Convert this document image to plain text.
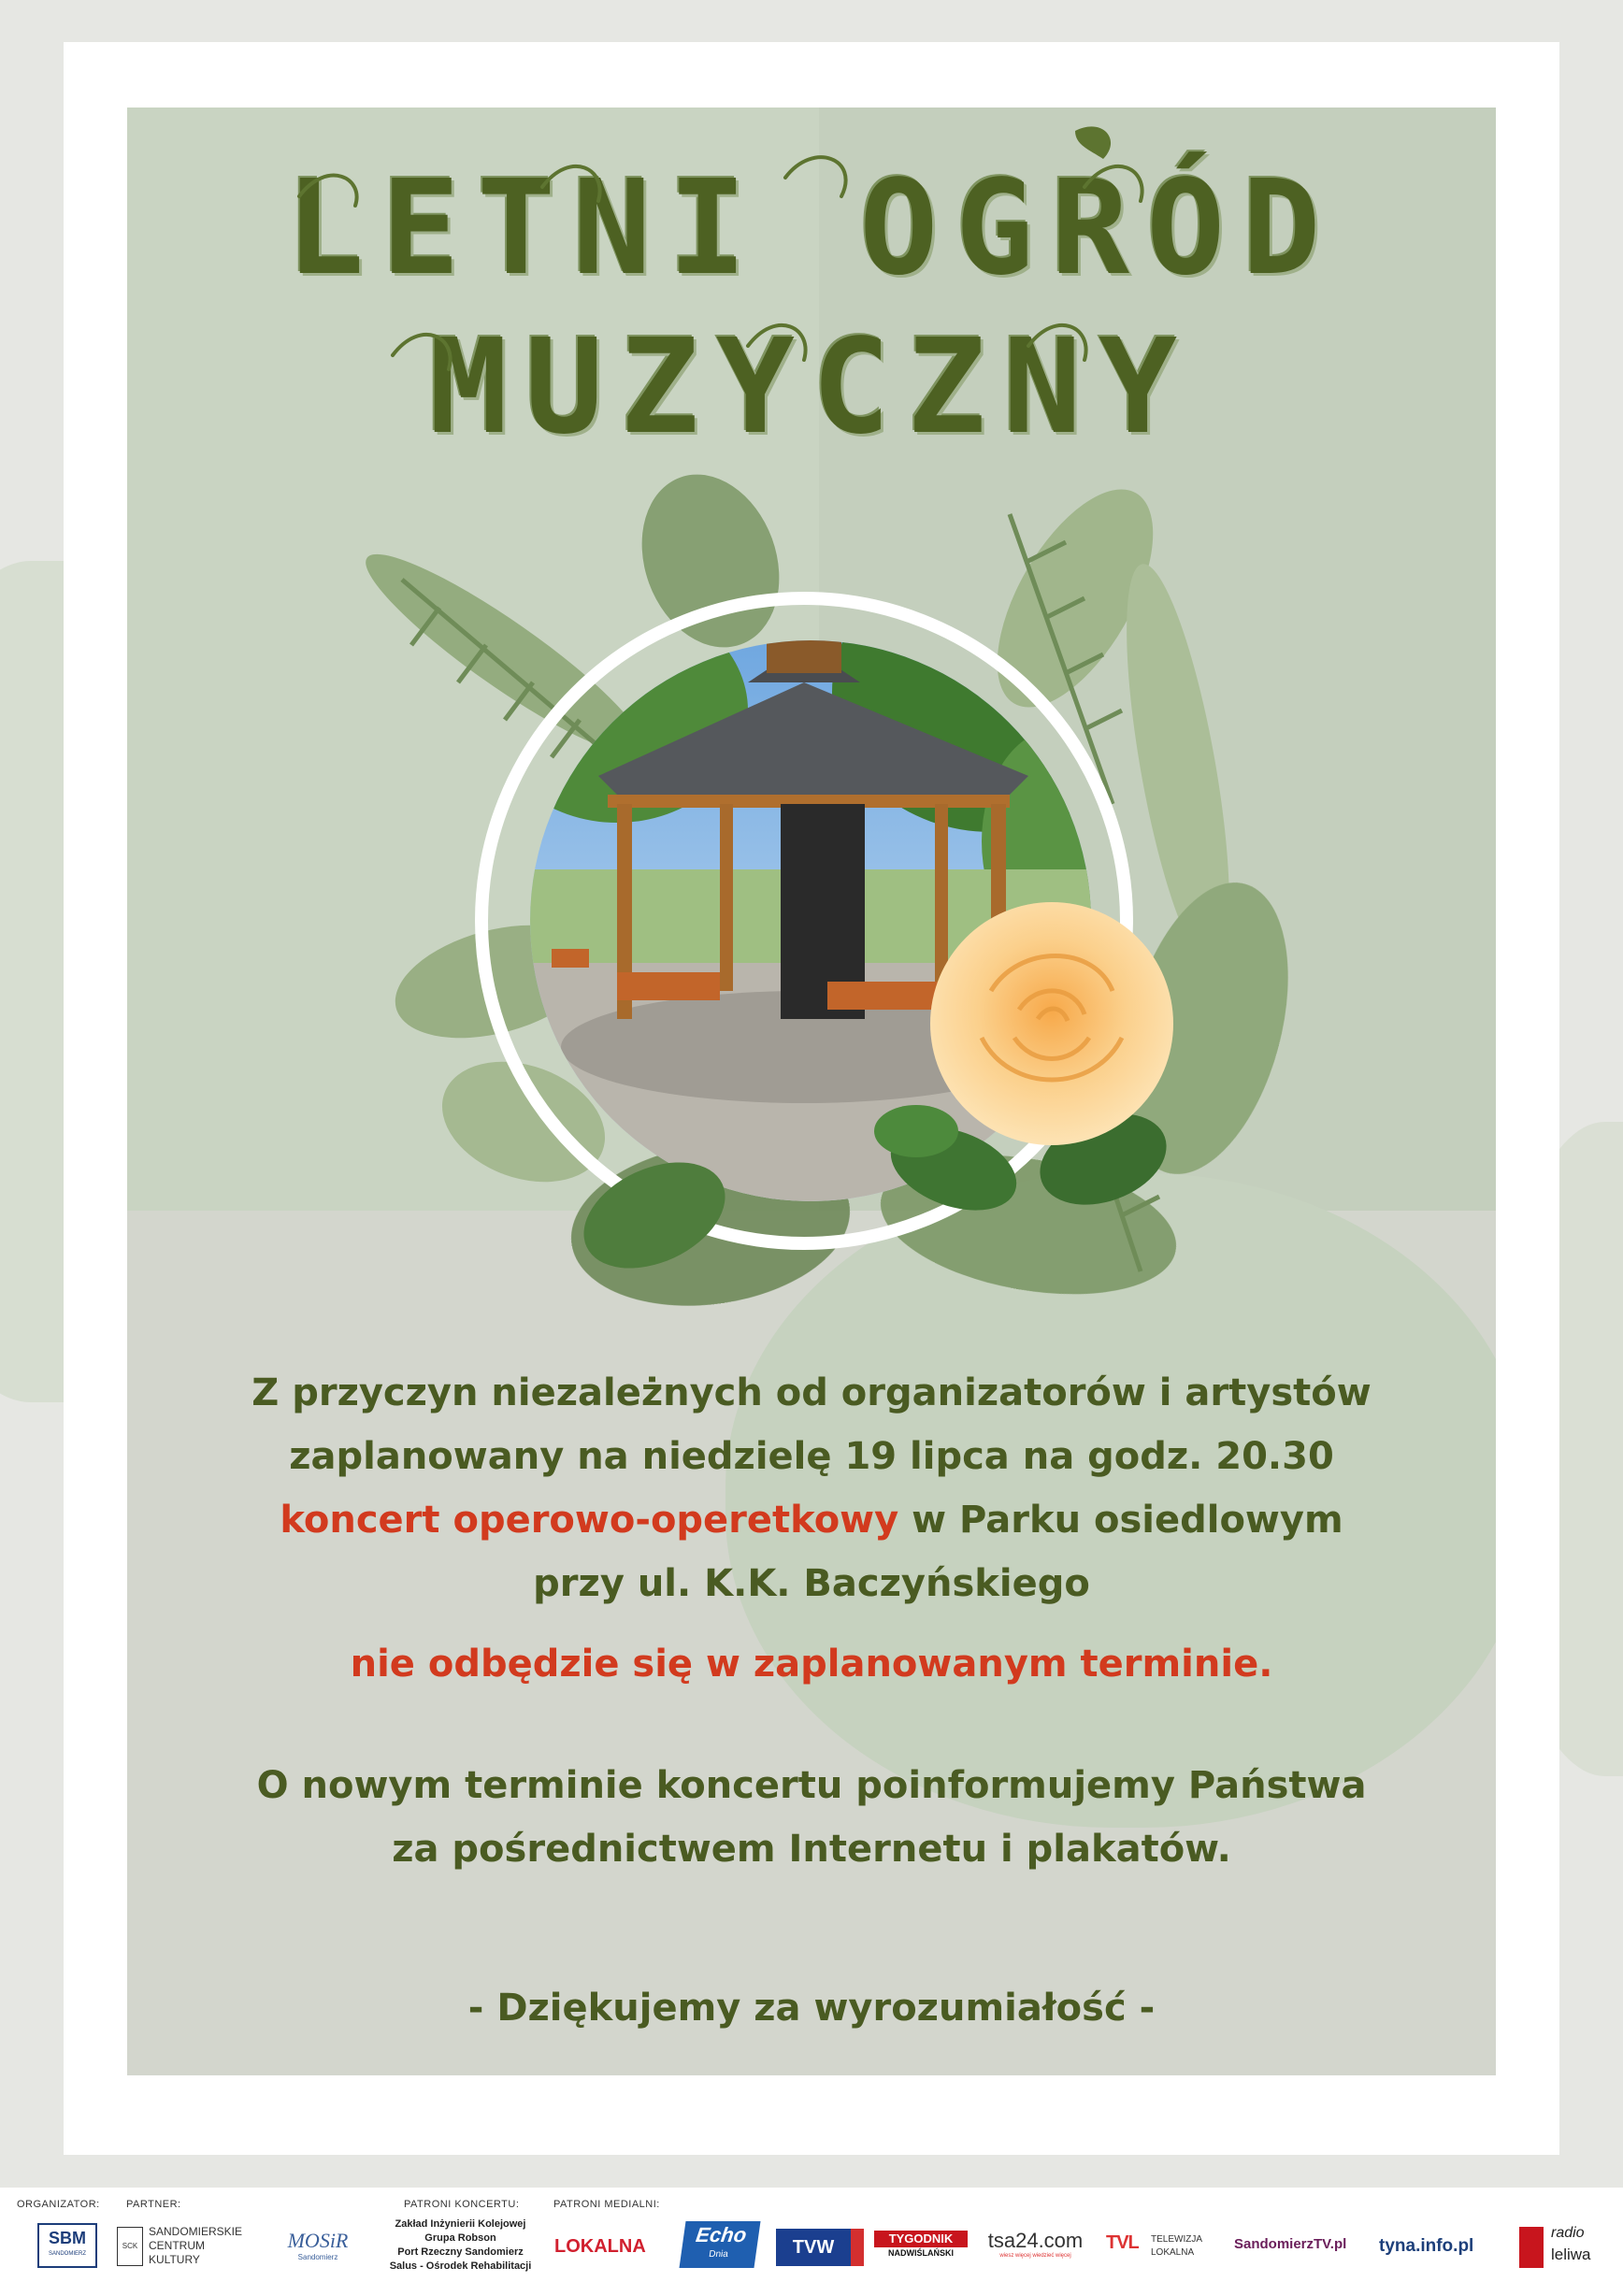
LETNI OGRÓD
MUZYCZNY
Z przyczyn niezależnych od organizatorów i artystów
zaplanowany na niedzielę 19 lipca na godz. 20.30
koncert operowo-operetkowy w Parku osiedlowym
przy ul. K.K. Baczyńskiego
nie odbędzie się w zaplanowanym terminie.
O nowym terminie koncertu poinformujemy Państwa
za pośrednictwem Internetu i plakatów.
- Dziękujemy za wyrozumiałość -
ORGANIZATOR:	PARTNER:	PATRONI KONCERTU:	PATRONI MEDIALNI:
SBM
SANDOMIERZ
SCK
SANDOMIERSKIE
CENTRUM
KULTURY
MOSiR
Sandomierz
Zakład Inżynierii Kolejowej
Grupa Robson
Port Rzeczny Sandomierz
Salus - Ośrodek Rehabilitacji
LOKALNA	Echo
Dnia	TVW	TYGODNIK
NADWIŚLAŃSKI
tsa24.com
wiesz więcej wiedzieć więcej
TVL TELEWIZJA
LOKALNA
SandomierzTV.pl tyna.info.pl
radio
leliwa
